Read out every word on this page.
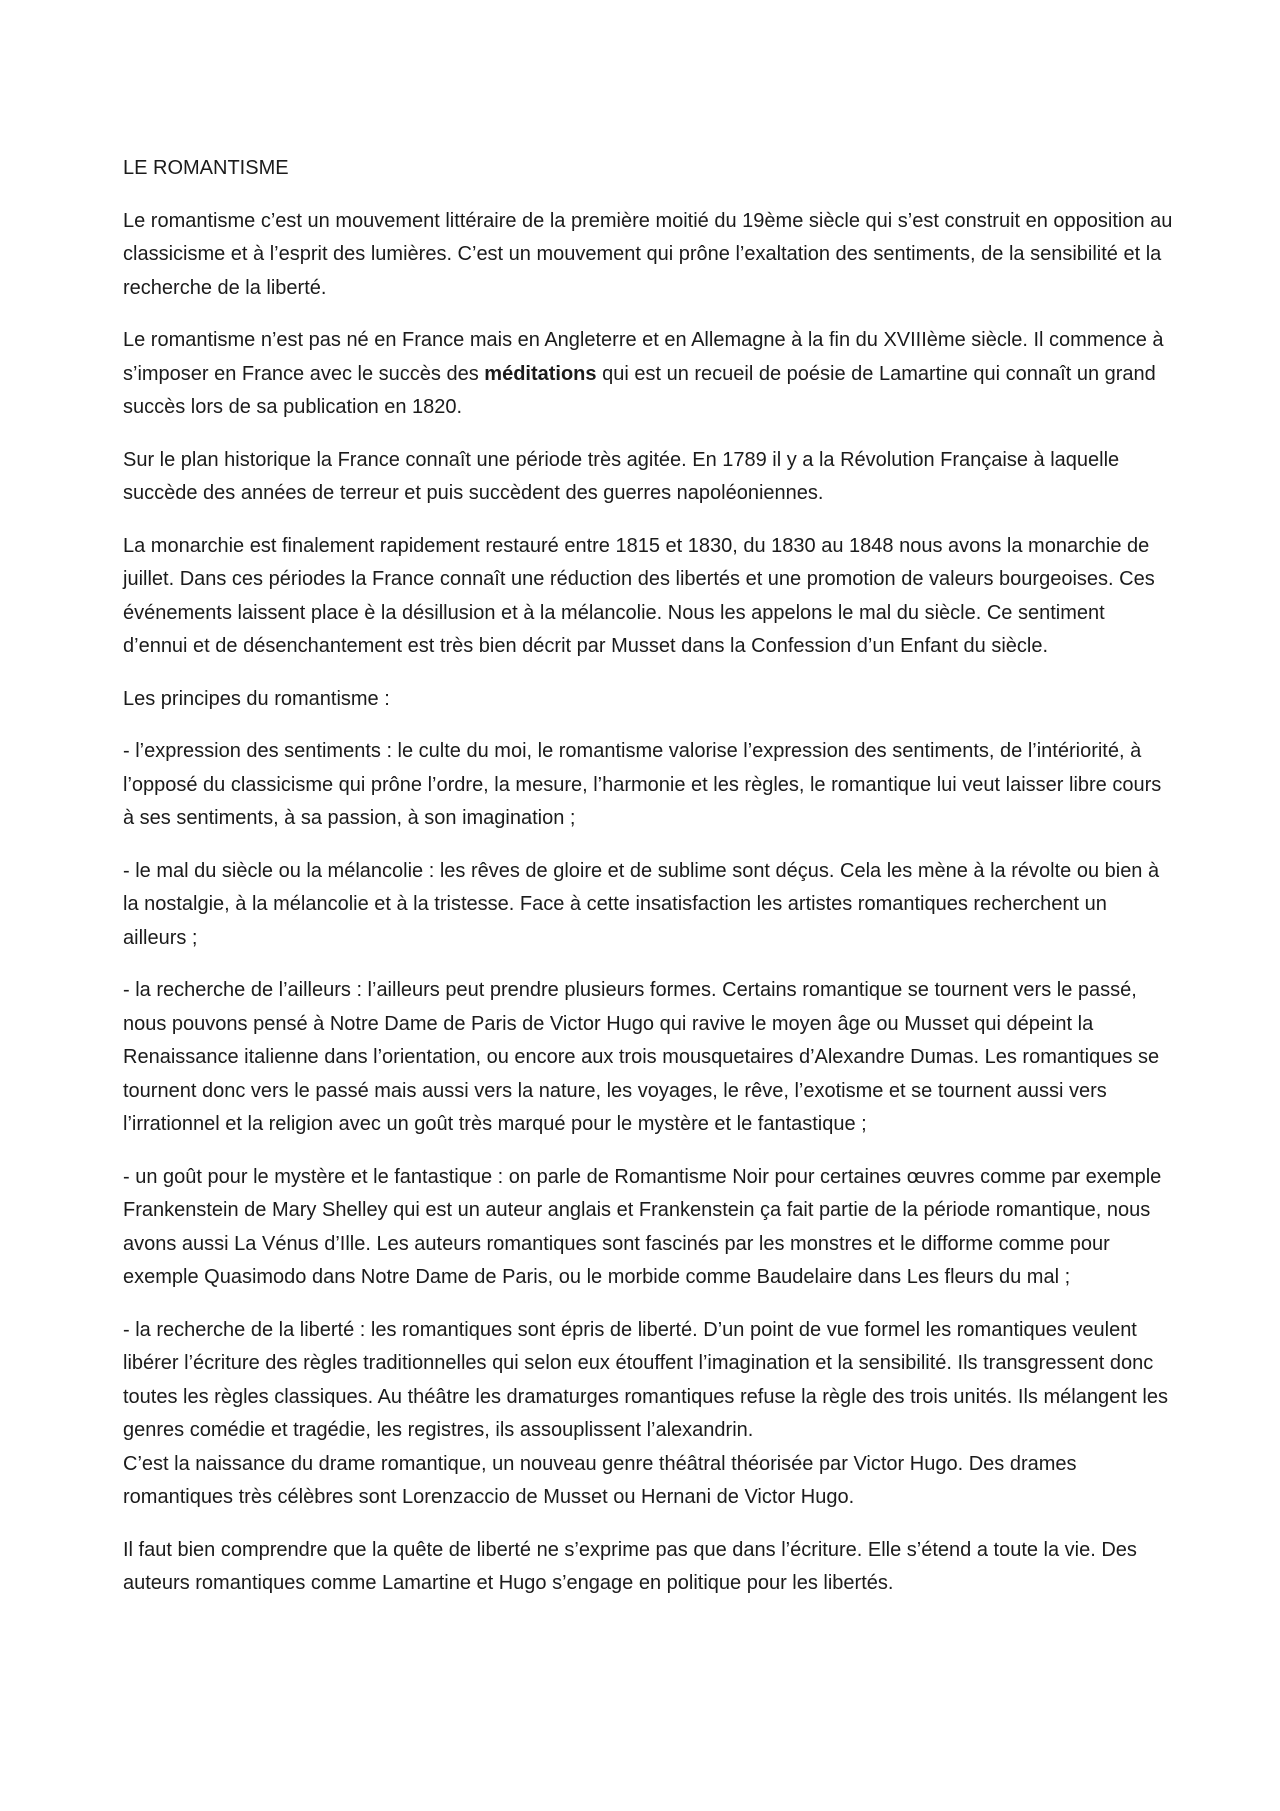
LE ROMANTISME

Le romantisme c’est un mouvement littéraire de la première moitié du 19ème siècle qui s’est construit en opposition au classicisme et à l’esprit des lumières. C’est un mouvement qui prône l’exaltation des sentiments, de la sensibilité et la recherche de la liberté.

Le romantisme n’est pas né en France mais en Angleterre et en Allemagne à la fin du XVIIIème siècle. Il commence à s’imposer en France avec le succès des méditations qui est un recueil de poésie de Lamartine qui connaît un grand succès lors de sa publication en 1820.

Sur le plan historique la France connaît une période très agitée. En 1789 il y a la Révolution Française à laquelle succède des années de terreur et puis succèdent des guerres napoléoniennes.

La monarchie est finalement rapidement restauré entre 1815 et 1830, du 1830 au 1848 nous avons la monarchie de juillet. Dans ces périodes la France connaît une réduction des libertés et une promotion de valeurs bourgeoises. Ces événements laissent place è la désillusion et à la mélancolie. Nous les appelons le mal du siècle. Ce sentiment d’ennui et de désenchantement est très bien décrit par Musset dans la Confession d’un Enfant du siècle.

Les principes du romantisme :

- l’expression des sentiments : le culte du moi, le romantisme valorise l’expression des sentiments, de l’intériorité, à l’opposé du classicisme qui prône l’ordre, la mesure, l’harmonie et les règles, le romantique lui veut laisser libre cours à ses sentiments, à sa passion, à son imagination ;

- le mal du siècle ou la mélancolie : les rêves de gloire et de sublime sont déçus. Cela les mène à la révolte ou bien à la nostalgie, à la mélancolie et à la tristesse. Face à cette insatisfaction les artistes romantiques recherchent un ailleurs ;

- la recherche de l’ailleurs : l’ailleurs peut prendre plusieurs formes. Certains romantique se tournent vers le passé, nous pouvons pensé à Notre Dame de Paris de Victor Hugo qui ravive le moyen âge ou Musset qui dépeint la Renaissance italienne dans l’orientation, ou encore aux trois mousquetaires d’Alexandre Dumas. Les romantiques se tournent donc vers le passé mais aussi vers la nature, les voyages, le rêve, l’exotisme et se tournent aussi vers l’irrationnel et la religion avec un goût très marqué pour le mystère et le fantastique ;

- un goût pour le mystère et le fantastique : on parle de Romantisme Noir pour certaines œuvres comme par exemple Frankenstein de Mary Shelley qui est un auteur anglais et Frankenstein ça fait partie de la période romantique, nous avons aussi La Vénus d’Ille. Les auteurs romantiques sont fascinés par les monstres et le difforme comme pour exemple Quasimodo dans Notre Dame de Paris, ou le morbide comme Baudelaire dans Les fleurs du mal ;

- la recherche de la liberté : les romantiques sont épris de liberté. D’un point de vue formel les romantiques veulent libérer l’écriture des règles traditionnelles qui selon eux étouffent l’imagination et la sensibilité. Ils transgressent donc toutes les règles classiques. Au théâtre les dramaturges romantiques refuse la règle des trois unités. Ils mélangent les genres comédie et tragédie, les registres, ils assouplissent l’alexandrin.

C’est la naissance du drame romantique, un nouveau genre théâtral théorisée par Victor Hugo. Des drames romantiques très célèbres sont Lorenzaccio de Musset ou Hernani de Victor Hugo.

Il faut bien comprendre que la quête de liberté ne s’exprime pas que dans l’écriture. Elle s’étend a toute la vie. Des auteurs romantiques comme Lamartine et Hugo s’engage en politique pour les libertés.
